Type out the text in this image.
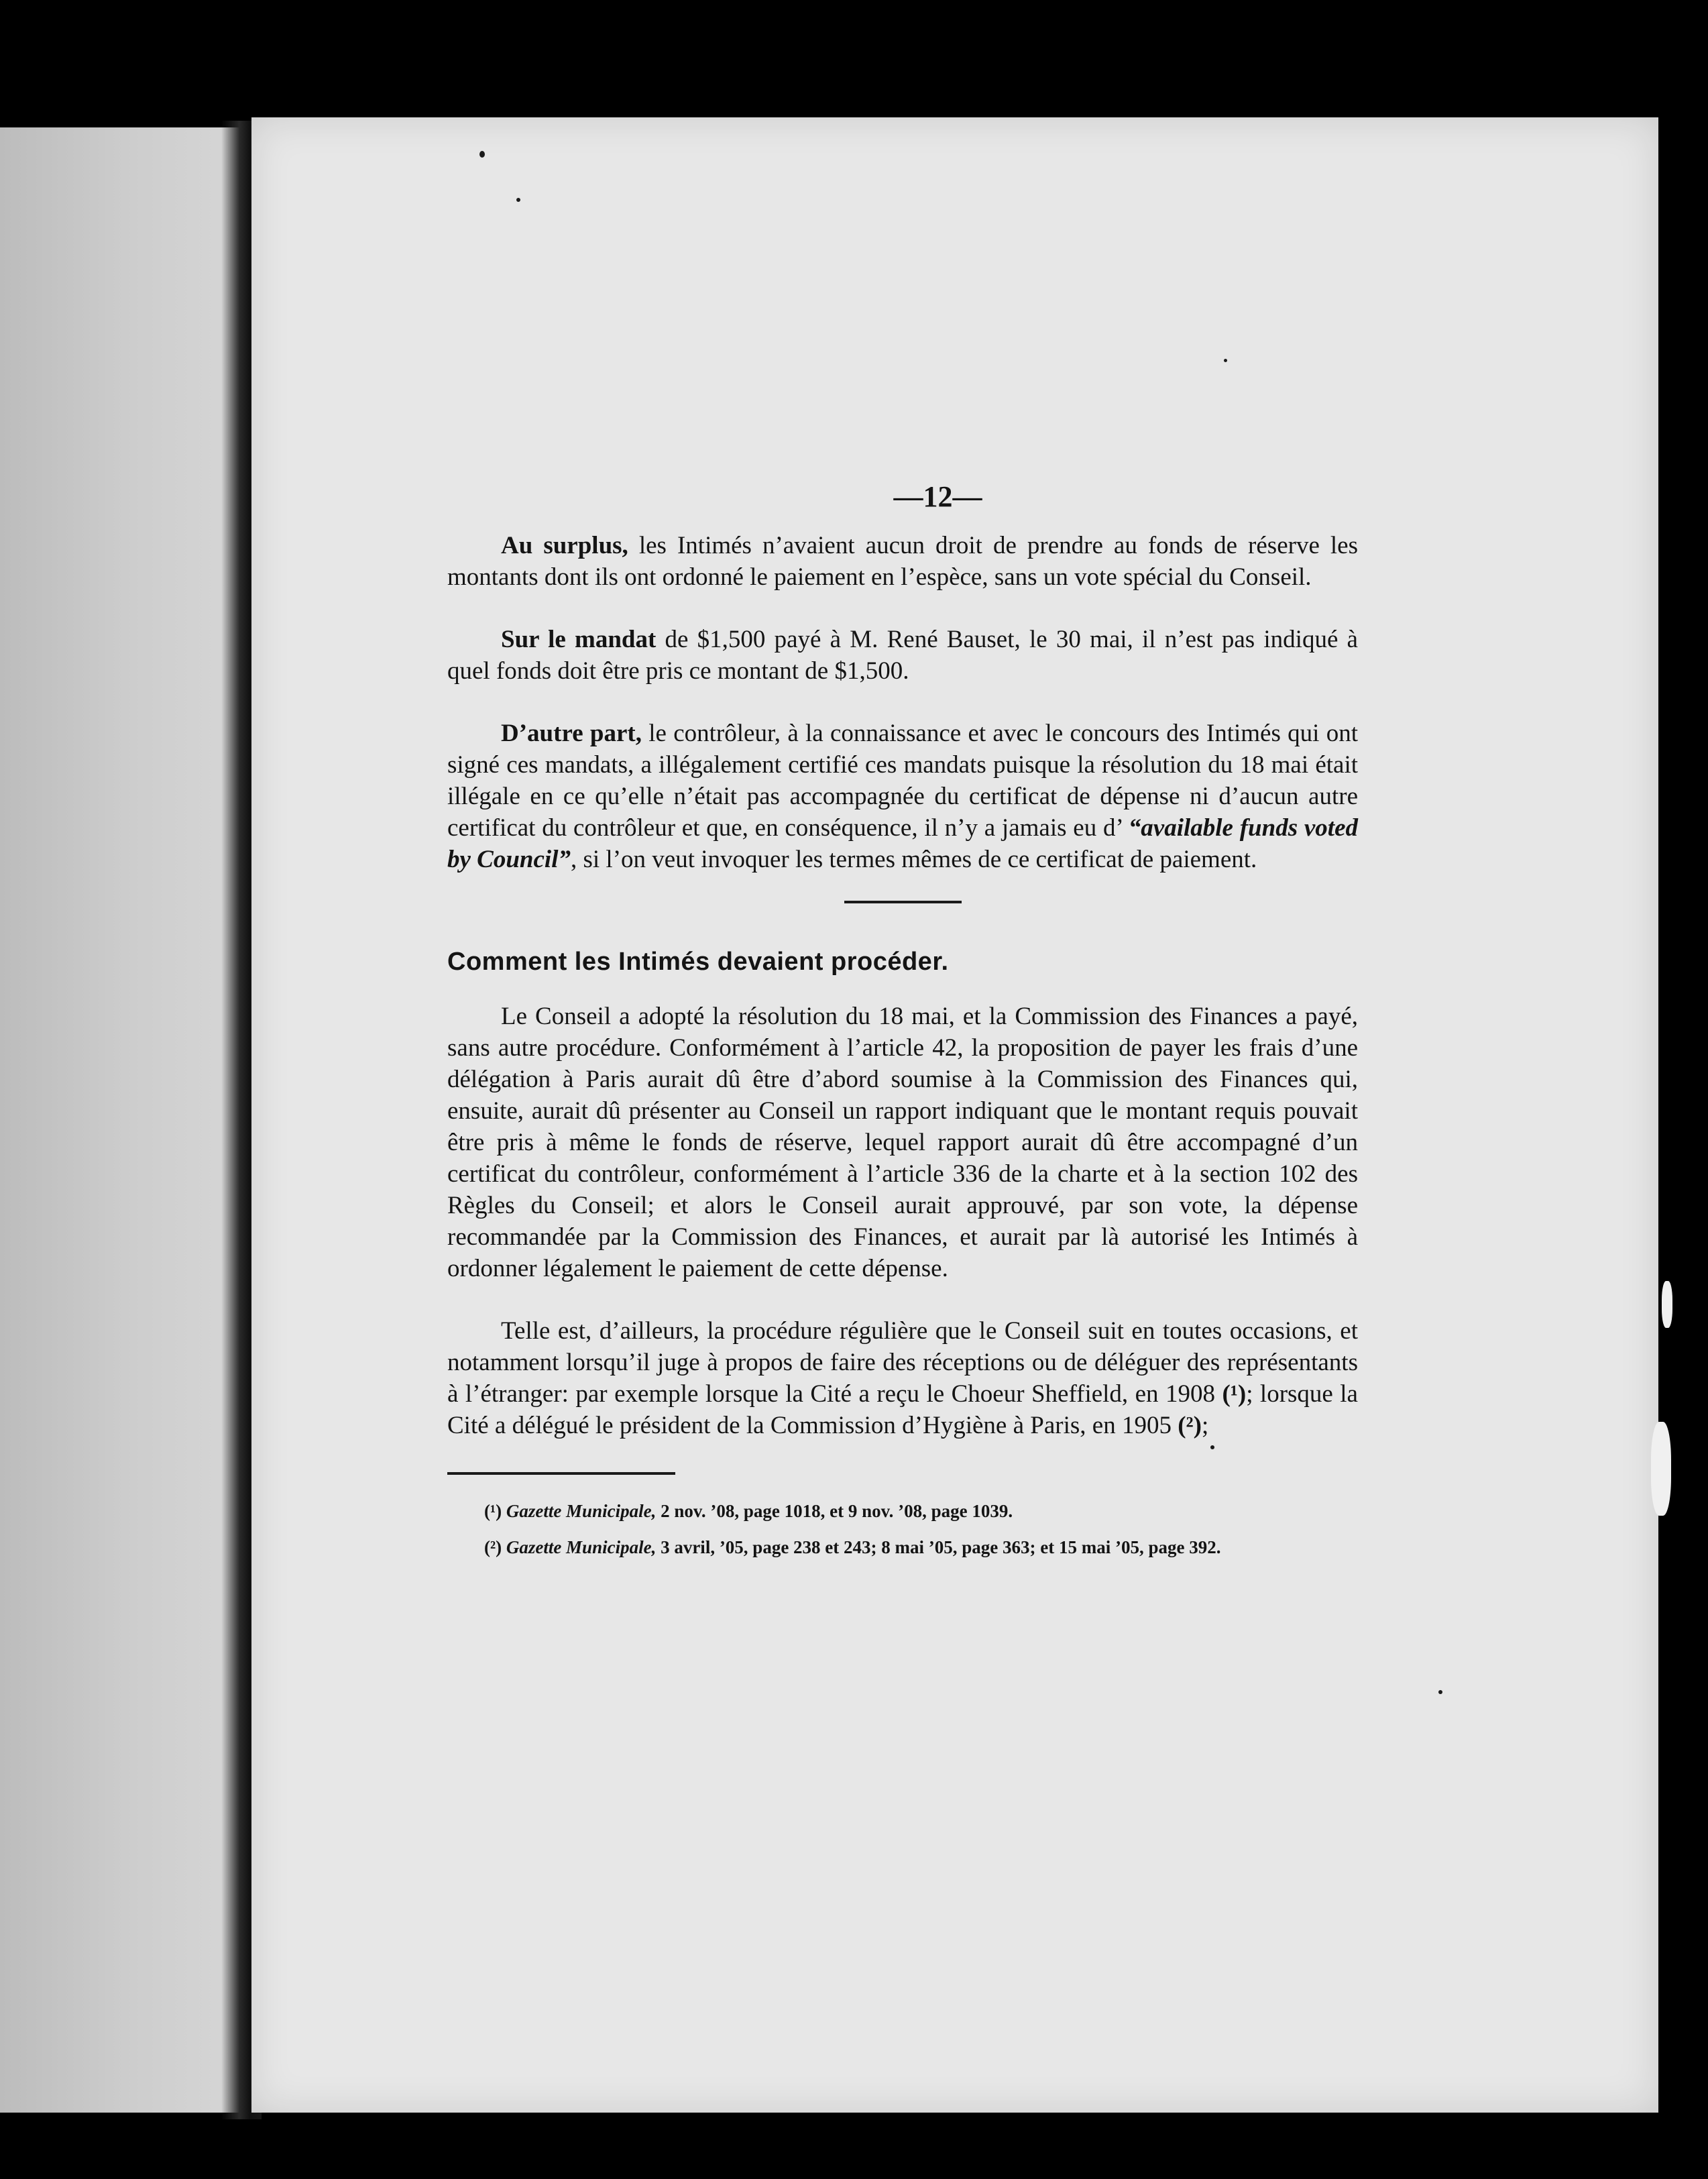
—12—

Au surplus, les Intimés n’avaient aucun droit de prendre au fonds de réserve les montants dont ils ont ordonné le paiement en l’espèce, sans un vote spécial du Conseil.

Sur le mandat de $1,500 payé à M. René Bauset, le 30 mai, il n’est pas indiqué à quel fonds doit être pris ce montant de $1,500.

D’autre part, le contrôleur, à la connaissance et avec le concours des Intimés qui ont signé ces mandats, a illégalement certifié ces mandats puisque la résolution du 18 mai était illégale en ce qu’elle n’était pas accompagnée du certificat de dépense ni d’aucun autre certificat du contrôleur et que, en conséquence, il n’y a jamais eu d’ “available funds voted by Council”, si l’on veut invoquer les termes mêmes de ce certificat de paiement.

Comment les Intimés devaient procéder.

Le Conseil a adopté la résolution du 18 mai, et la Commission des Finances a payé, sans autre procédure. Conformément à l’article 42, la proposition de payer les frais d’une délégation à Paris aurait dû être d’abord soumise à la Commission des Finances qui, ensuite, aurait dû présenter au Conseil un rapport indiquant que le montant requis pouvait être pris à même le fonds de réserve, lequel rapport aurait dû être accompagné d’un certificat du contrôleur, conformément à l’article 336 de la charte et à la section 102 des Règles du Conseil; et alors le Conseil aurait approuvé, par son vote, la dépense recommandée par la Commission des Finances, et aurait par là autorisé les Intimés à ordonner légalement le paiement de cette dépense.

Telle est, d’ailleurs, la procédure régulière que le Conseil suit en toutes occasions, et notamment lorsqu’il juge à propos de faire des réceptions ou de déléguer des représentants à l’étranger: par exemple lorsque la Cité a reçu le Choeur Sheffield, en 1908 (¹); lorsque la Cité a délégué le président de la Commission d’Hygiène à Paris, en 1905 (²);

(¹) Gazette Municipale, 2 nov. ’08, page 1018, et 9 nov. ’08, page 1039.
(²) Gazette Municipale, 3 avril, ’05, page 238 et 243; 8 mai ’05, page 363; et 15 mai ’05, page 392.
